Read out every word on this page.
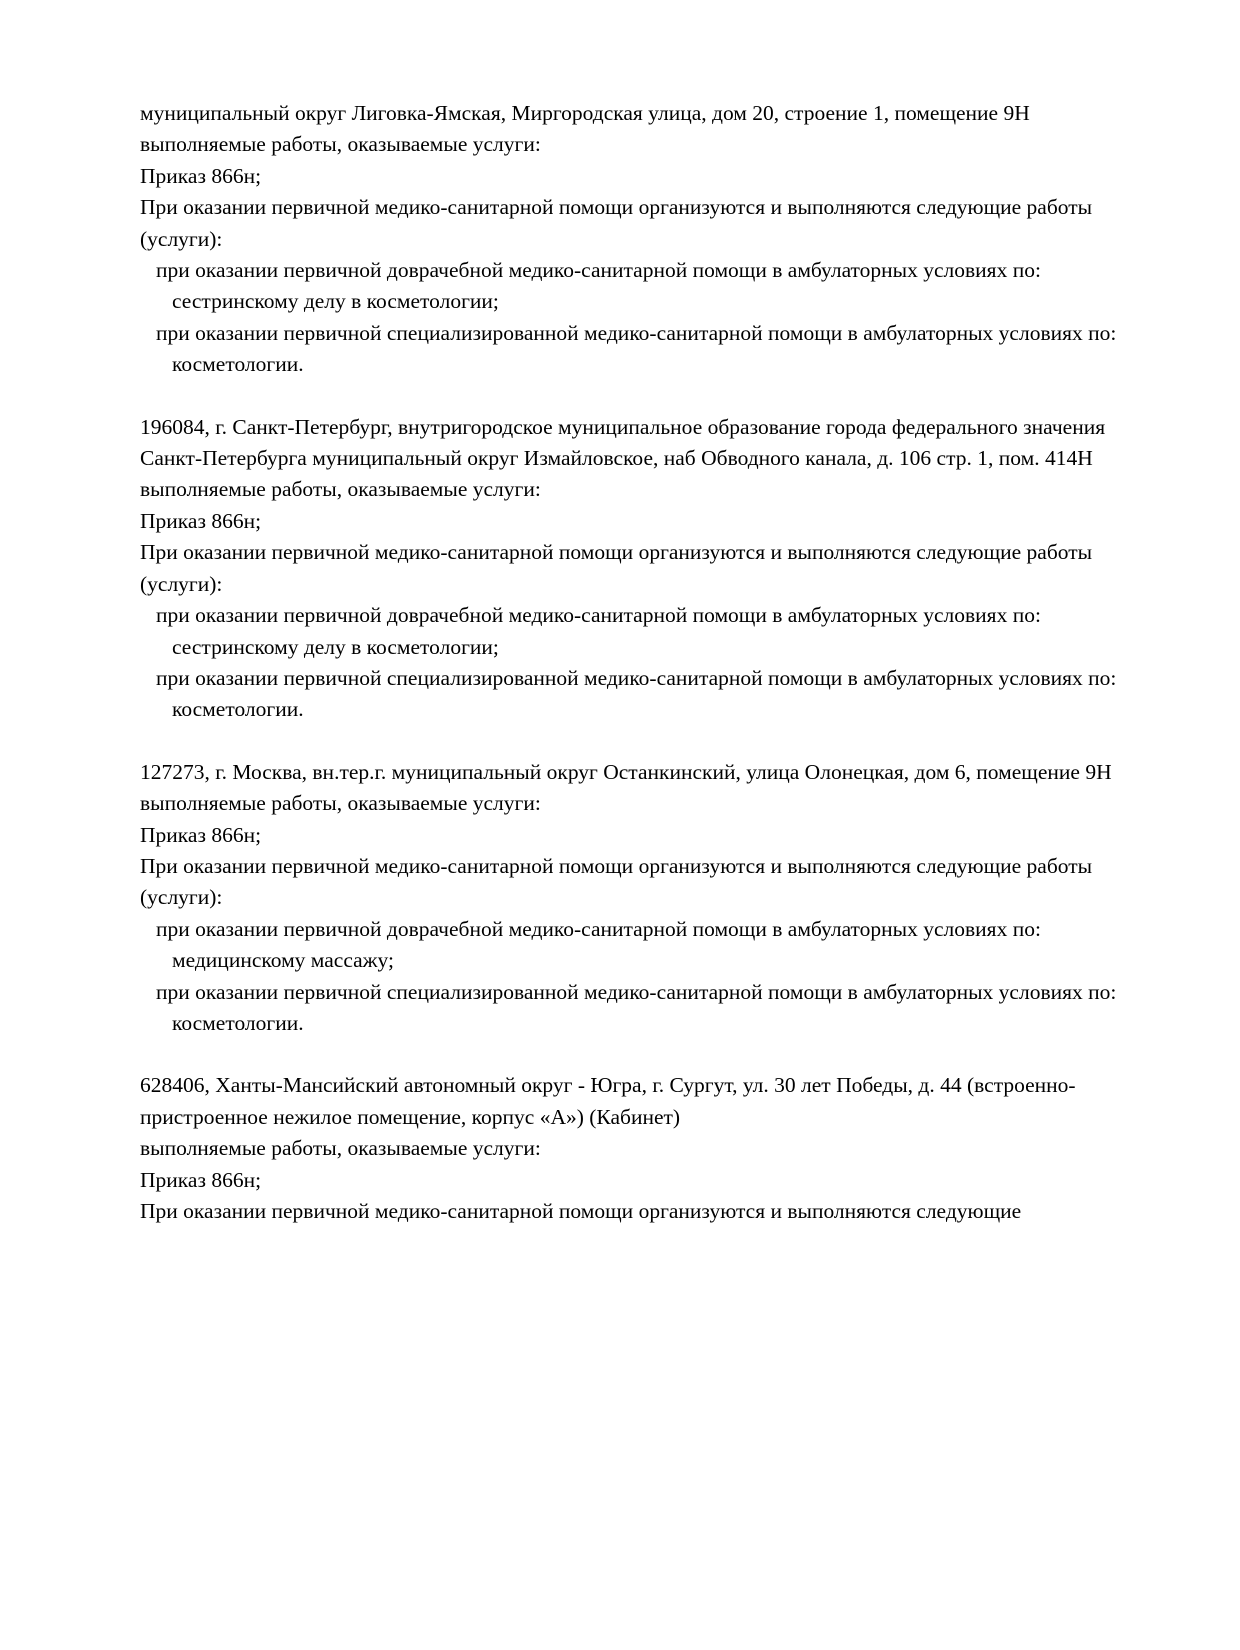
муниципальный округ Лиговка-Ямская, Миргородская улица, дом 20, строение 1, помещение 9Н

выполняемые работы, оказываемые услуги:

Приказ 866н;

При оказании первичной медико-санитарной помощи организуются и выполняются следующие работы (услуги):

при оказании первичной доврачебной медико-санитарной помощи в амбулаторных условиях по:

сестринскому делу в косметологии;

при оказании первичной специализированной медико-санитарной помощи в амбулаторных условиях по:

косметологии.

196084, г. Санкт-Петербург, внутригородское муниципальное образование города федерального значения Санкт-Петербурга муниципальный округ Измайловское, наб Обводного канала, д. 106 стр. 1, пом. 414Н

выполняемые работы, оказываемые услуги:

Приказ 866н;

При оказании первичной медико-санитарной помощи организуются и выполняются следующие работы (услуги):

при оказании первичной доврачебной медико-санитарной помощи в амбулаторных условиях по:

сестринскому делу в косметологии;

при оказании первичной специализированной медико-санитарной помощи в амбулаторных условиях по:

косметологии.

127273, г. Москва, вн.тер.г. муниципальный округ Останкинский, улица Олонецкая, дом 6, помещение 9Н

выполняемые работы, оказываемые услуги:

Приказ 866н;

При оказании первичной медико-санитарной помощи организуются и выполняются следующие работы (услуги):

при оказании первичной доврачебной медико-санитарной помощи в амбулаторных условиях по:

медицинскому массажу;

при оказании первичной специализированной медико-санитарной помощи в амбулаторных условиях по:

косметологии.

628406, Ханты-Мансийский автономный округ - Югра, г. Сургут, ул. 30 лет Победы, д. 44 (встроенно-пристроенное нежилое помещение, корпус «А») (Кабинет)

выполняемые работы, оказываемые услуги:

Приказ 866н;

При оказании первичной медико-санитарной помощи организуются и выполняются следующие
